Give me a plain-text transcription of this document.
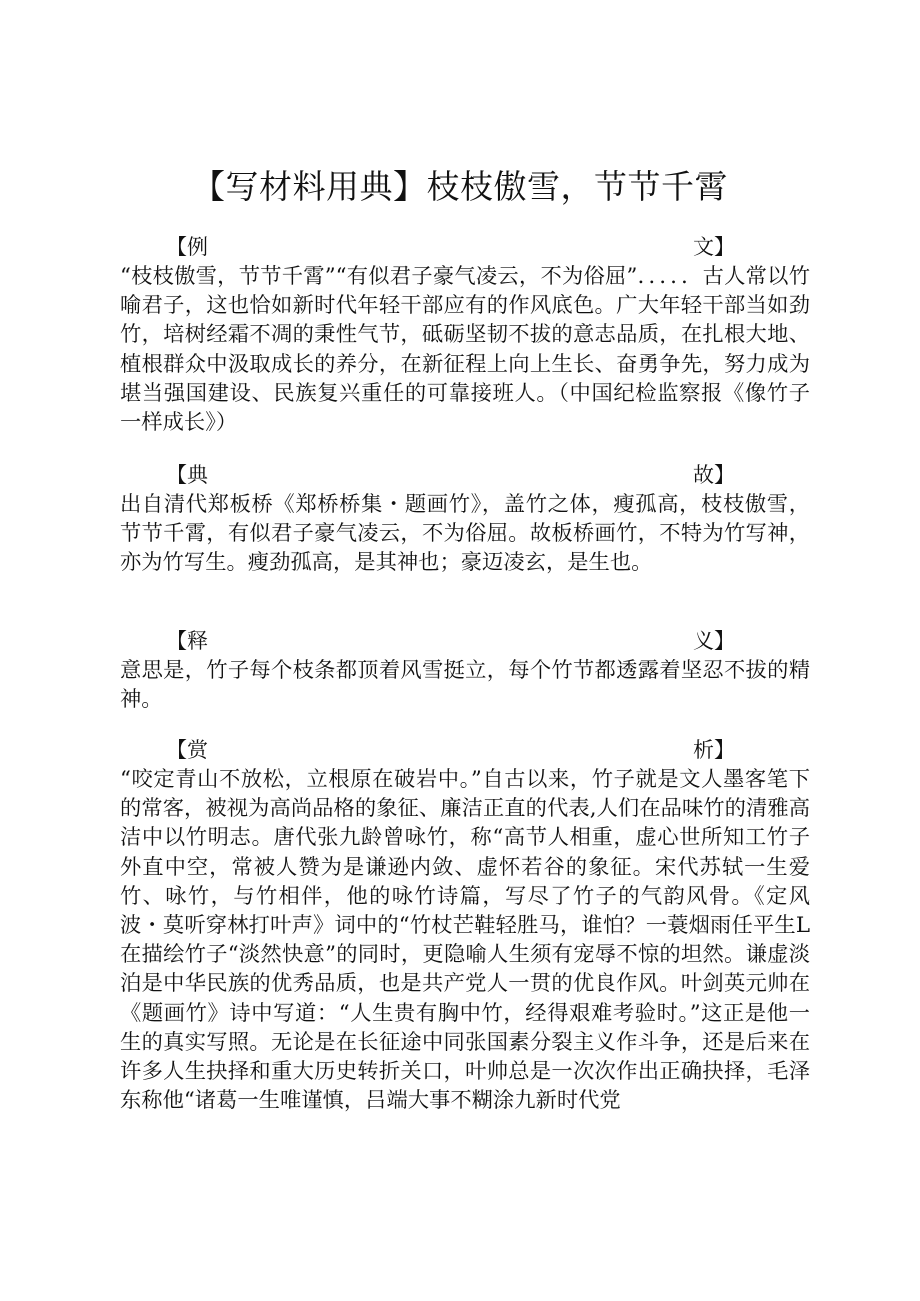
【写材料用典】枝枝傲雪，节节千霄
【例	文】

“枝枝傲雪，节节千霄”“有似君子豪气凌云，不为俗屈”．．．．．古人常以竹喻君子，这也恰如新时代年轻干部应有的作风底色。广大年轻干部当如劲竹，培树经霜不凋的秉性气节，砥砺坚韧不拔的意志品质，在扎根大地、植根群众中汲取成长的养分，在新征程上向上生长、奋勇争先，努力成为堪当强国建设、民族复兴重任的可靠接班人。（中国纪检监察报《像竹子一样成长》）

【典	故】

出自清代郑板桥《郑桥桥集・题画竹》，盖竹之体，瘦孤高，枝枝傲雪，节节千霄，有似君子豪气凌云，不为俗屈。故板桥画竹，不特为竹写神，亦为竹写生。瘦劲孤高，是其神也；豪迈凌玄，是生也。

【释	义】

意思是，竹子每个枝条都顶着风雪挺立，每个竹节都透露着坚忍不拔的精神。

【赏	析】

“咬定青山不放松，立根原在破岩中。”自古以来，竹子就是文人墨客笔下的常客，被视为高尚品格的象征、廉洁正直的代表,人们在品味竹的清雅高洁中以竹明志。唐代张九龄曾咏竹，称“高节人相重，虚心世所知工竹子外直中空，常被人赞为是谦逊内敛、虚怀若谷的象征。宋代苏轼一生爱竹、咏竹，与竹相伴，他的咏竹诗篇，写尽了竹子的气韵风骨。《定风波・莫听穿林打叶声》词中的“竹杖芒鞋轻胜马，谁怕？一蓑烟雨任平生L在描绘竹子“淡然快意”的同时，更隐喻人生须有宠辱不惊的坦然。谦虚淡泊是中华民族的优秀品质，也是共产党人一贯的优良作风。叶剑英元帅在《题画竹》诗中写道：“人生贵有胸中竹，经得艰难考验时。”这正是他一生的真实写照。无论是在长征途中同张国素分裂主义作斗争，还是后来在许多人生抉择和重大历史转折关口，叶帅总是一次次作出正确抉择，毛泽东称他“诸葛一生唯谨慎，吕端大事不糊涂九新时代党
